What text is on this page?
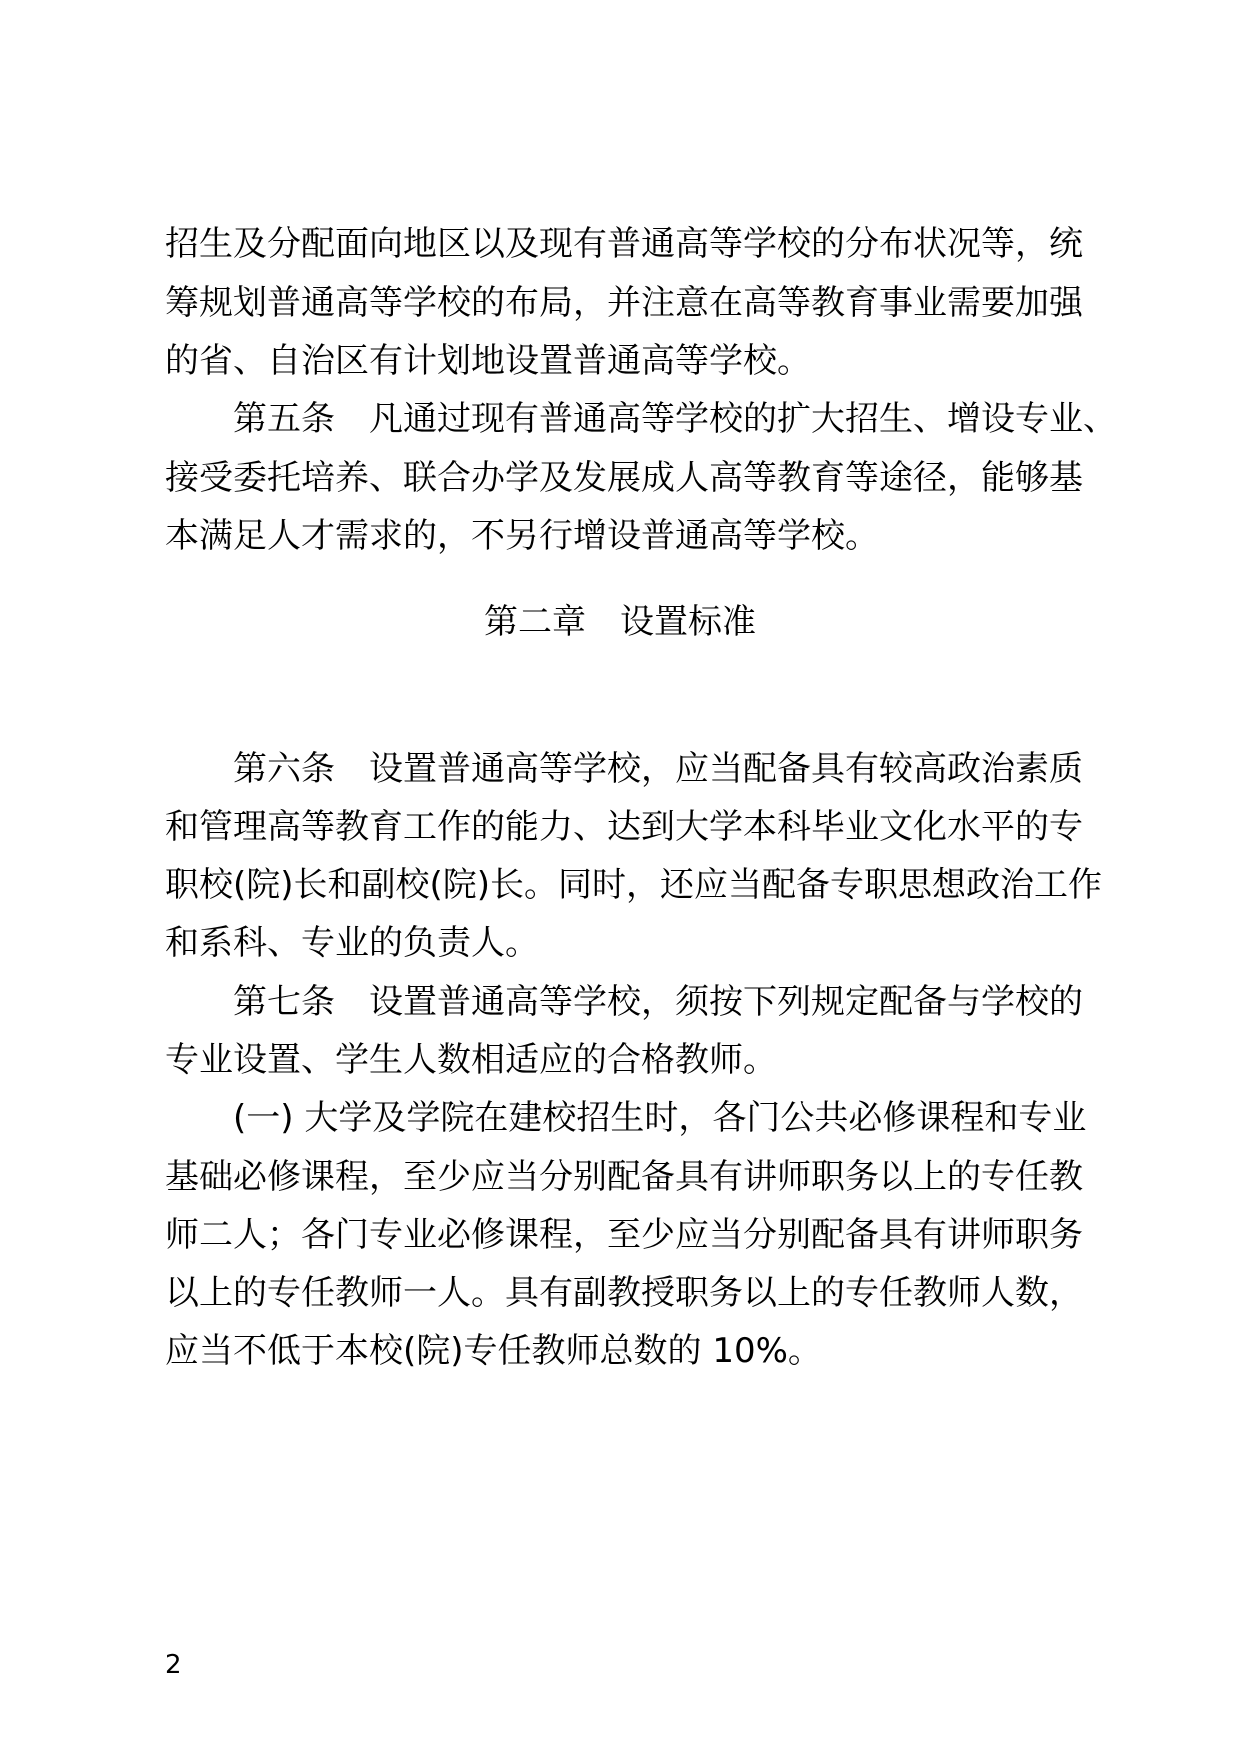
招生及分配面向地区以及现有普通高等学校的分布状况等，统
筹规划普通高等学校的布局，并注意在高等教育事业需要加强
的省、自治区有计划地设置普通高等学校。
第五条　凡通过现有普通高等学校的扩大招生、增设专业、
接受委托培养、联合办学及发展成人高等教育等途径，能够基
本满足人才需求的，不另行增设普通高等学校。
第二章　设置标准
第六条　设置普通高等学校，应当配备具有较高政治素质
和管理高等教育工作的能力、达到大学本科毕业文化水平的专
职校(院)长和副校(院)长。同时，还应当配备专职思想政治工作
和系科、专业的负责人。
第七条　设置普通高等学校，须按下列规定配备与学校的
专业设置、学生人数相适应的合格教师。
(一) 大学及学院在建校招生时，各门公共必修课程和专业
基础必修课程，至少应当分别配备具有讲师职务以上的专任教
师二人；各门专业必修课程，至少应当分别配备具有讲师职务
以上的专任教师一人。具有副教授职务以上的专任教师人数，
应当不低于本校(院)专任教师总数的 10%。
2
